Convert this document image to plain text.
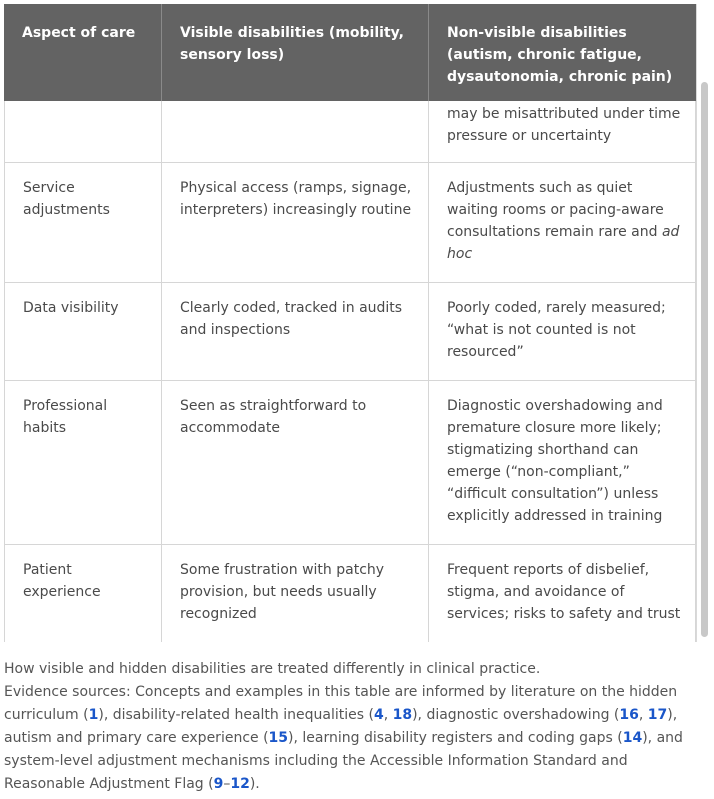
Aspect of care	Visible disabilities (mobility, sensory loss)
Non-visible disabilities (autism, chronic fatigue, dysautonomia, chronic pain)
may be misattributed under time pressure or uncertainty
Service adjustments
Physical access (ramps, signage, interpreters) increasingly routine
Adjustments such as quiet waiting rooms or pacing-aware consultations remain rare and ad hoc
Data visibility	Clearly coded, tracked in audits and inspections
Poorly coded, rarely measured; “what is not counted is not resourced”
Professional habits
Seen as straightforward to accommodate
Diagnostic overshadowing and premature closure more likely; stigmatizing shorthand can emerge (“non-compliant,” “difficult consultation”) unless explicitly addressed in training
Patient experience
Some frustration with patchy provision, but needs usually recognized
Frequent reports of disbelief, stigma, and avoidance of services; risks to safety and trust
How visible and hidden disabilities are treated differently in clinical practice.
Evidence sources: Concepts and examples in this table are informed by literature on the hidden curriculum (1), disability-related health inequalities (4, 18), diagnostic overshadowing (16, 17), autism and primary care experience (15), learning disability registers and coding gaps (14), and system-level adjustment mechanisms including the Accessible Information Standard and Reasonable Adjustment Flag (9–12).
